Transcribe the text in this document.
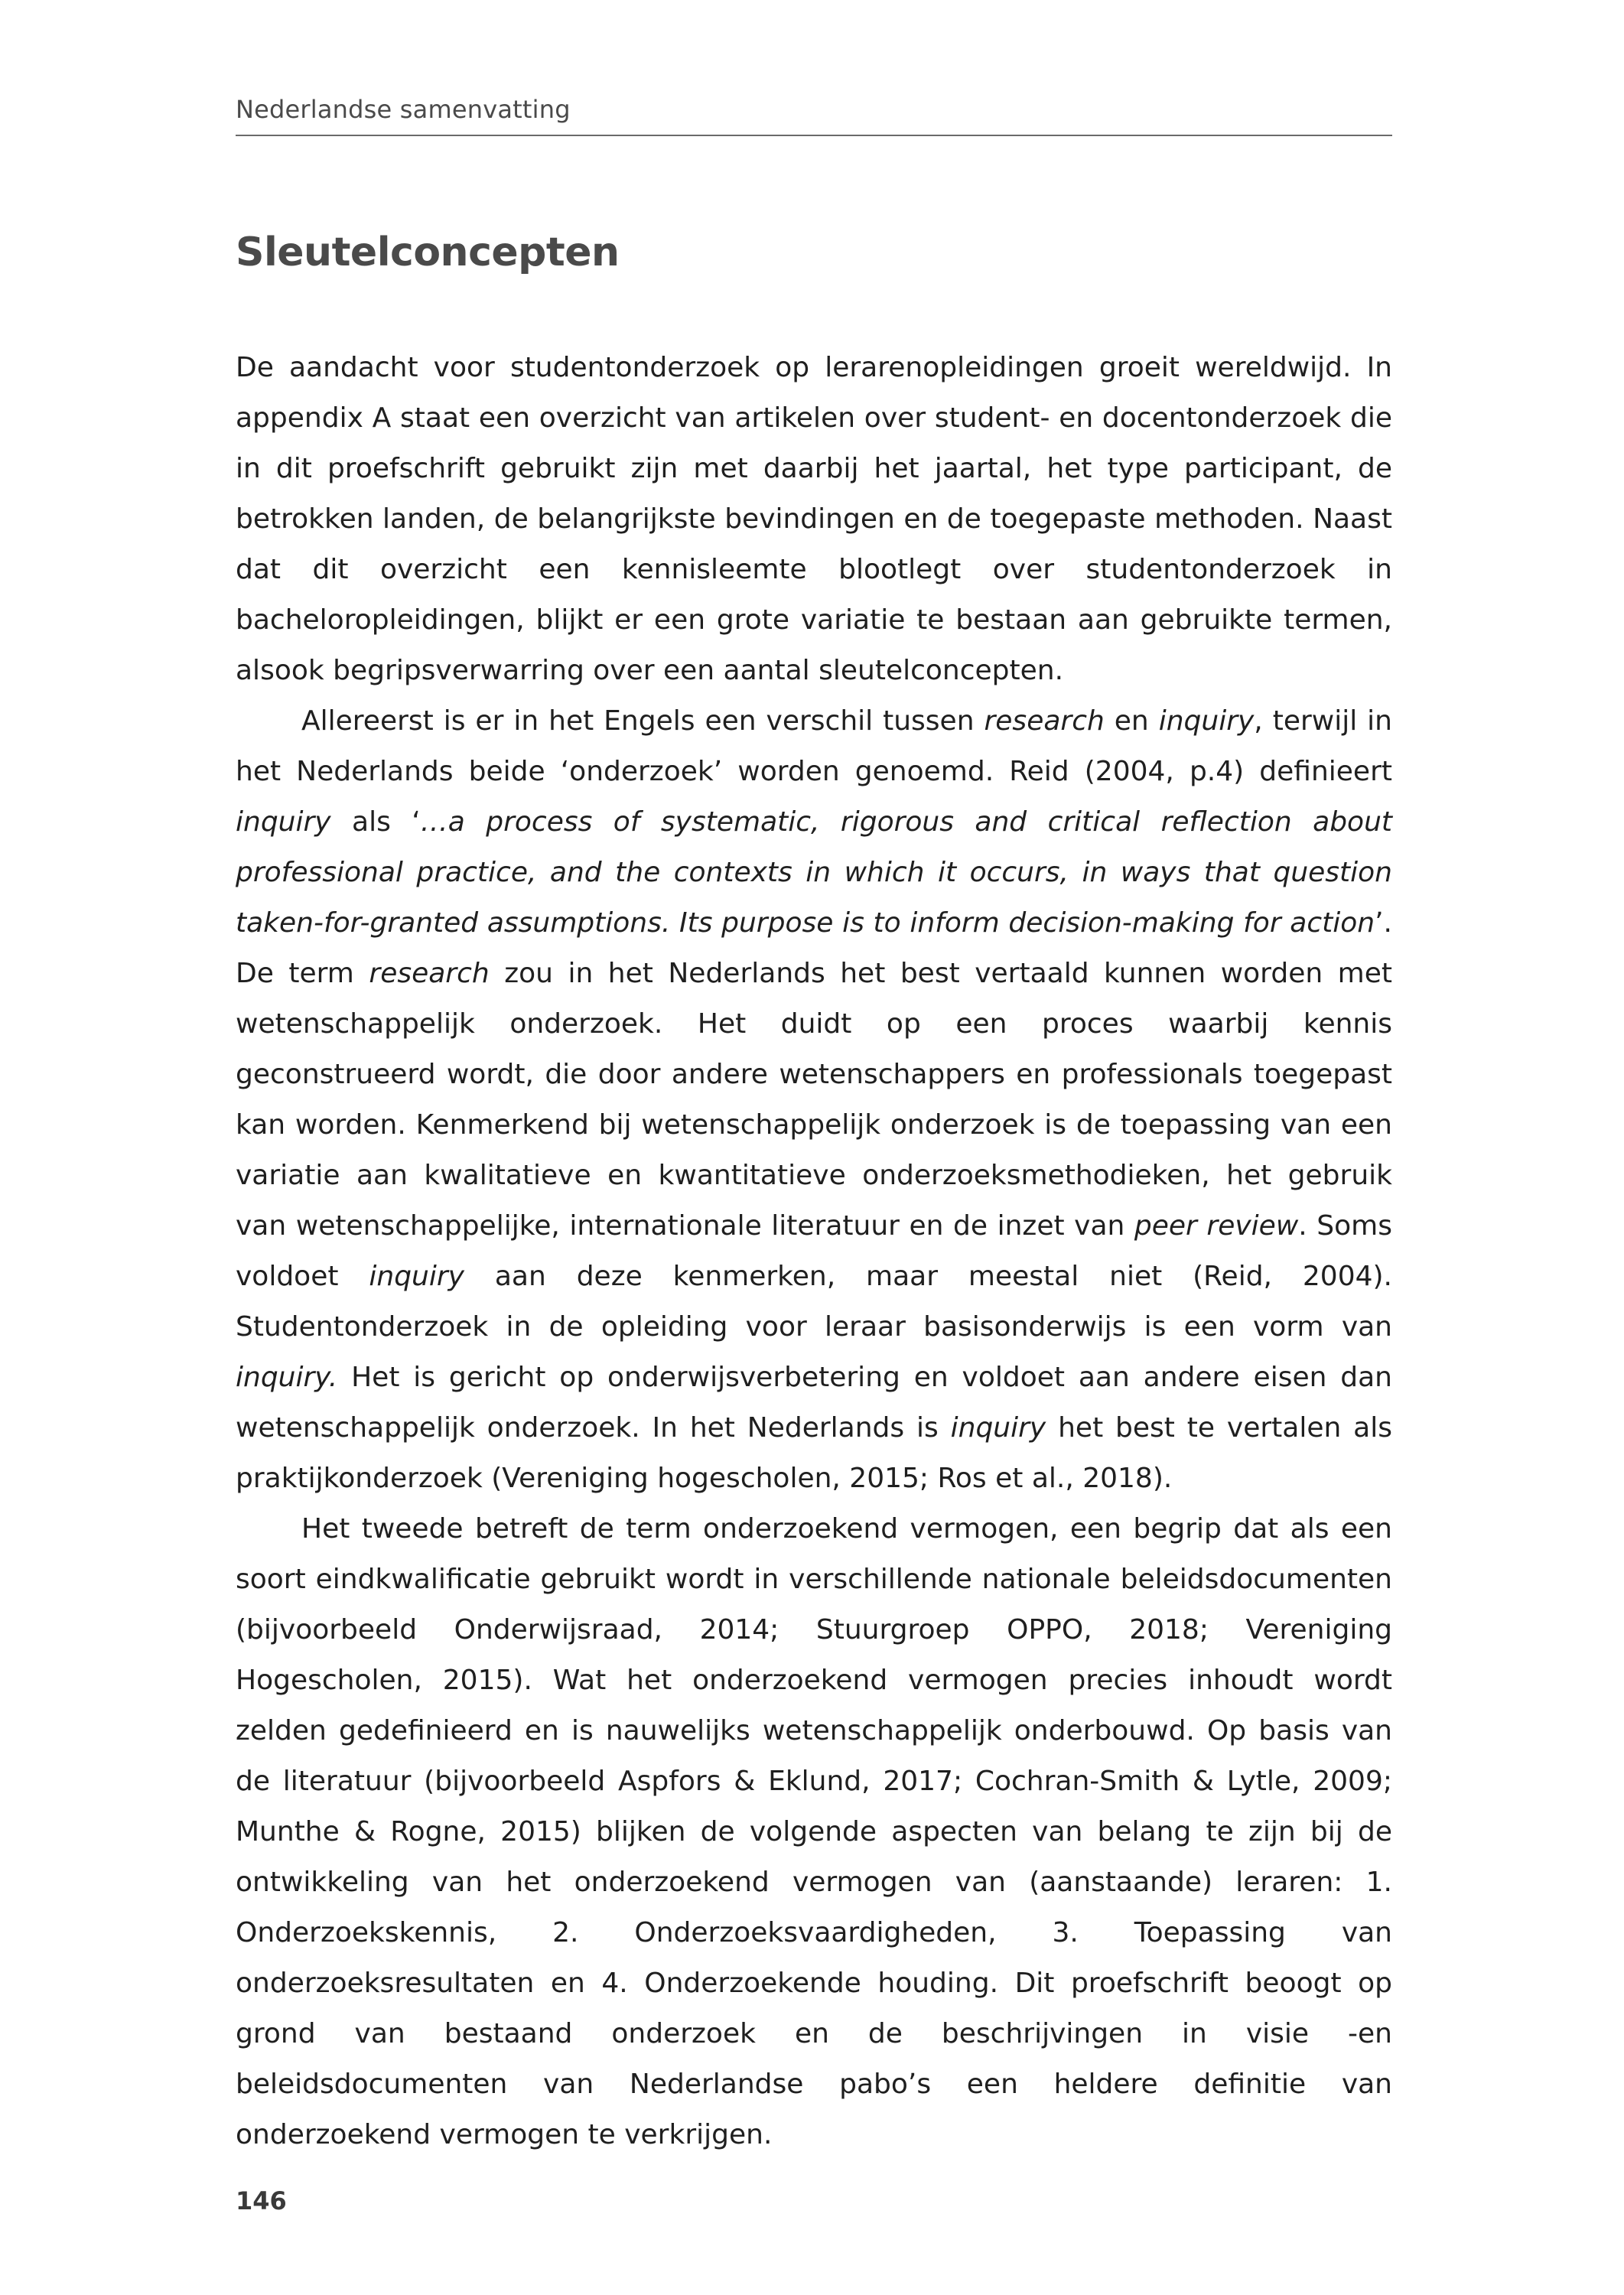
Nederlandse samenvatting
Sleutelconcepten

De aandacht voor studentonderzoek op lerarenopleidingen groeit wereldwijd. In appendix A staat een overzicht van artikelen over student- en docentonderzoek die in dit proefschrift gebruikt zijn met daarbij het jaartal, het type participant, de betrokken landen, de belangrijkste bevindingen en de toegepaste methoden. Naast dat dit overzicht een kennisleemte blootlegt over studentonderzoek in bacheloropleidingen, blijkt er een grote variatie te bestaan aan gebruikte termen, alsook begripsverwarring over een aantal sleutelconcepten.

Allereerst is er in het Engels een verschil tussen research en inquiry, terwijl in het Nederlands beide ‘onderzoek’ worden genoemd. Reid (2004, p.4) definieert inquiry als ‘…a process of systematic, rigorous and critical reflection about professional practice, and the contexts in which it occurs, in ways that question taken-for-granted assumptions. Its purpose is to inform decision-making for action’. De term research zou in het Nederlands het best vertaald kunnen worden met wetenschappelijk onderzoek. Het duidt op een proces waarbij kennis geconstrueerd wordt, die door andere wetenschappers en professionals toegepast kan worden. Kenmerkend bij wetenschappelijk onderzoek is de toepassing van een variatie aan kwalitatieve en kwantitatieve onderzoeksmethodieken, het gebruik van wetenschappelijke, internationale literatuur en de inzet van peer review. Soms voldoet inquiry aan deze kenmerken, maar meestal niet (Reid, 2004). Studentonderzoek in de opleiding voor leraar basisonderwijs is een vorm van inquiry. Het is gericht op onderwijsverbetering en voldoet aan andere eisen dan wetenschappelijk onderzoek. In het Nederlands is inquiry het best te vertalen als praktijkonderzoek (Vereniging hogescholen, 2015; Ros et al., 2018).

Het tweede betreft de term onderzoekend vermogen, een begrip dat als een soort eindkwalificatie gebruikt wordt in verschillende nationale beleidsdocumenten (bijvoorbeeld Onderwijsraad, 2014; Stuurgroep OPPO, 2018; Vereniging Hogescholen, 2015). Wat het onderzoekend vermogen precies inhoudt wordt zelden gedefinieerd en is nauwelijks wetenschappelijk onderbouwd. Op basis van de literatuur (bijvoorbeeld Aspfors & Eklund, 2017; Cochran-Smith & Lytle, 2009; Munthe & Rogne, 2015) blijken de volgende aspecten van belang te zijn bij de ontwikkeling van het onderzoekend vermogen van (aanstaande) leraren: 1. Onderzoekskennis, 2. Onderzoeksvaardigheden, 3. Toepassing van onderzoeksresultaten en 4. Onderzoekende houding. Dit proefschrift beoogt op grond van bestaand onderzoek en de beschrijvingen in visie -en beleidsdocumenten van Nederlandse pabo’s een heldere definitie van onderzoekend vermogen te verkrijgen.

146
